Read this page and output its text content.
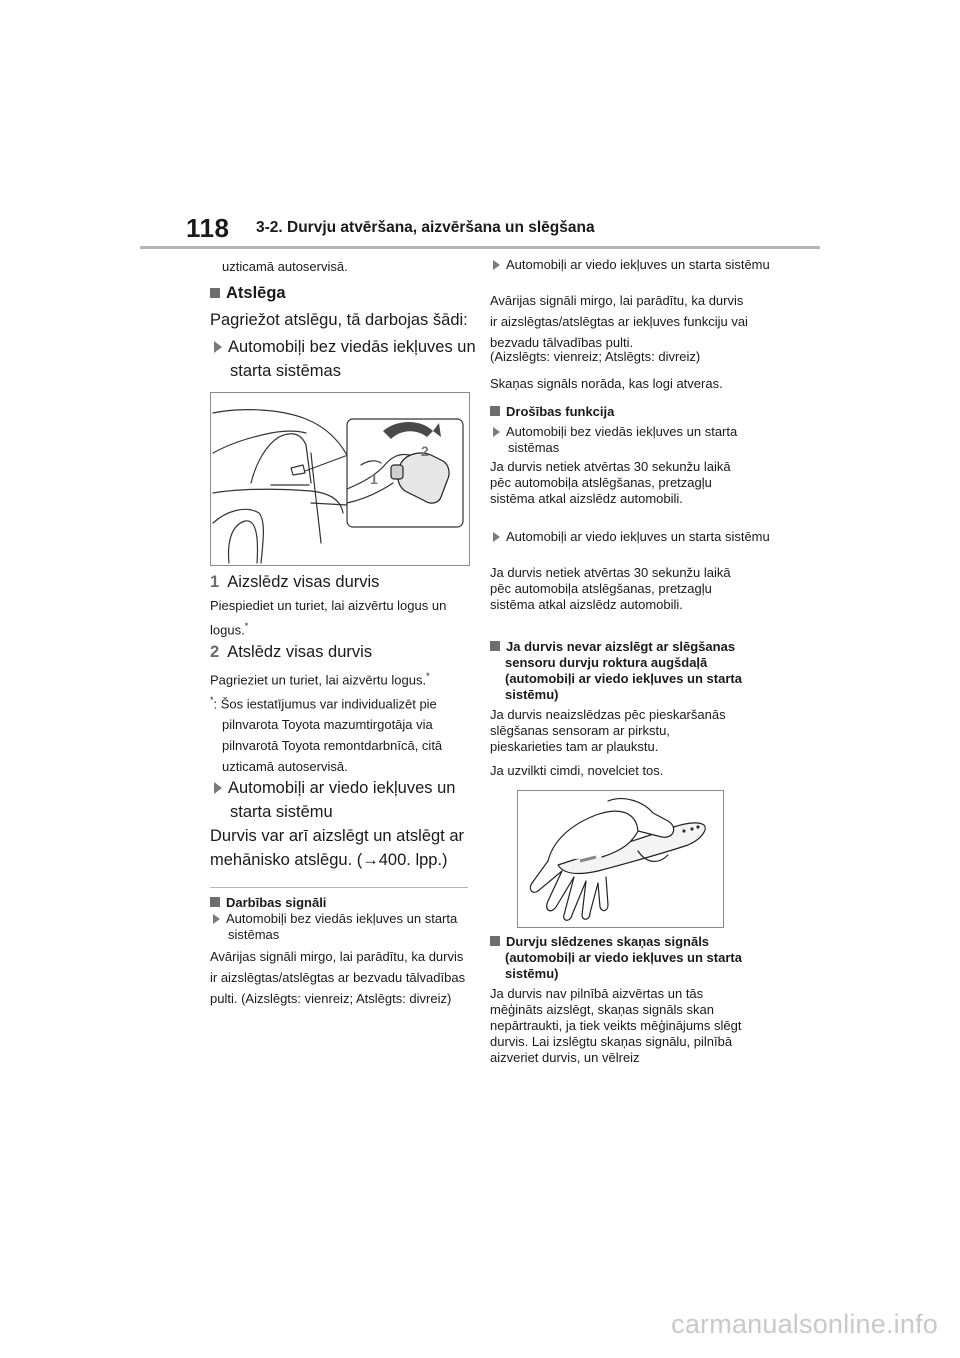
118 3-2. Durvju atvēršana, aizvēršana un slēgšana
uzticamā autoservisā.
Atslēga
Pagriežot atslēgu, tā darbojas šādi:
Automobiļi bez viedās iekļuves un starta sistēmas
2
1
1 Aizslēdz visas durvis
Piespiediet un turiet, lai aizvērtu logus un logus.*
2 Atslēdz visas durvis
Pagrieziet un turiet, lai aizvērtu logus.*
*: Šos iestatījumus var individualizēt pie pilnvarota Toyota mazumtirgotāja via pilnvarotā Toyota remontdarbnīcā, citā uzticamā autoservisā.
Automobiļi ar viedo iekļuves un starta sistēmu
Durvis var arī aizslēgt un atslēgt ar mehānisko atslēgu. (→400. lpp.)
Darbības signāli
Automobiļi bez viedās iekļuves un starta sistēmas
Avārijas signāli mirgo, lai parādītu, ka durvis ir aizslēgtas/atslēgtas ar bezvadu tālvadības pulti. (Aizslēgts: vienreiz; Atslēgts: divreiz)
Automobiļi ar viedo iekļuves un starta sistēmu
Avārijas signāli mirgo, lai parādītu, ka durvis ir aizslēgtas/atslēgtas ar iekļuves funkciju vai bezvadu tālvadības pulti.
(Aizslēgts: vienreiz; Atslēgts: divreiz)
Skaņas signāls norāda, kas logi atveras.
Drošības funkcija
Automobiļi bez viedās iekļuves un starta sistēmas
Ja durvis netiek atvērtas 30 sekunžu laikā pēc automobiļa atslēgšanas, pretzagļu sistēma atkal aizslēdz automobili.
Automobiļi ar viedo iekļuves un starta sistēmu
Ja durvis netiek atvērtas 30 sekunžu laikā pēc automobiļa atslēgšanas, pretzagļu sistēma atkal aizslēdz automobili.
Ja durvis nevar aizslēgt ar slēgšanas sensoru durvju roktura augšdaļā (automobiļi ar viedo iekļuves un starta sistēmu)
Ja durvis neaizslēdzas pēc pieskaršanās slēgšanas sensoram ar pirkstu, pieskarieties tam ar plaukstu.
Ja uzvilkti cimdi, novelciet tos.
Durvju slēdzenes skaņas signāls (automobiļi ar viedo iekļuves un starta sistēmu)
Ja durvis nav pilnībā aizvērtas un tās mēģināts aizslēgt, skaņas signāls skan nepārtraukti, ja tiek veikts mēģinājums slēgt durvis. Lai izslēgtu skaņas signālu, pilnībā aizveriet durvis, un vēlreiz
carmanualsonline.info
